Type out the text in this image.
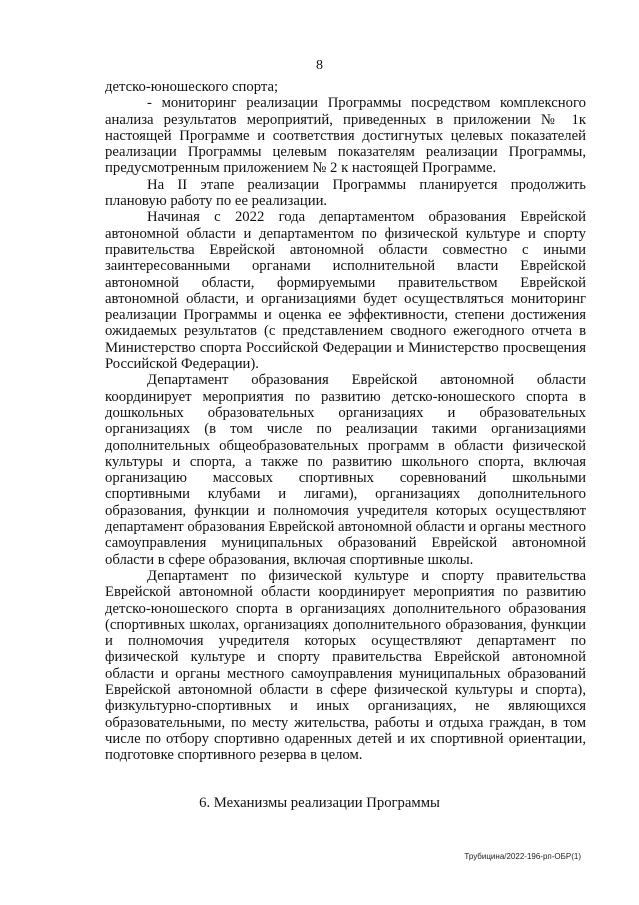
8

детско-юношеского спорта;

- мониторинг реализации Программы посредством комплексного анализа результатов мероприятий, приведенных в приложении № 1к настоящей Программе и соответствия достигнутых целевых показателей реализации Программы целевым показателям реализации Программы, предусмотренным приложением № 2 к настоящей Программе.

На II этапе реализации Программы планируется продолжить плановую работу по ее реализации.

Начиная с 2022 года департаментом образования Еврейской автономной области и департаментом по физической культуре и спорту правительства Еврейской автономной области совместно с иными заинтересованными органами исполнительной власти Еврейской автономной области, формируемыми правительством Еврейской автономной области, и организациями будет осуществляться мониторинг реализации Программы и оценка ее эффективности, степени достижения ожидаемых результатов (с представлением сводного ежегодного отчета в Министерство спорта Российской Федерации и Министерство просвещения Российской Федерации).

Департамент образования Еврейской автономной области координирует мероприятия по развитию детско-юношеского спорта в дошкольных образовательных организациях и образовательных организациях (в том числе по реализации такими организациями дополнительных общеобразовательных программ в области физической культуры и спорта, а также по развитию школьного спорта, включая организацию массовых спортивных соревнований школьными спортивными клубами и лигами), организациях дополнительного образования, функции и полномочия учредителя которых осуществляют департамент образования Еврейской автономной области и органы местного самоуправления муниципальных образований Еврейской автономной области в сфере образования, включая спортивные школы.

Департамент по физической культуре и спорту правительства Еврейской автономной области координирует мероприятия по развитию детско-юношеского спорта в организациях дополнительного образования (спортивных школах, организациях дополнительного образования, функции и полномочия учредителя которых осуществляют департамент по физической культуре и спорту правительства Еврейской автономной области и органы местного самоуправления муниципальных образований Еврейской автономной области в сфере физической культуры и спорта), физкультурно-спортивных и иных организациях, не являющихся образовательными, по месту жительства, работы и отдыха граждан, в том числе по отбору спортивно одаренных детей и их спортивной ориентации, подготовке спортивного резерва в целом.

6. Механизмы реализации Программы
Трубицина/2022-196-рп-ОБР(1)
